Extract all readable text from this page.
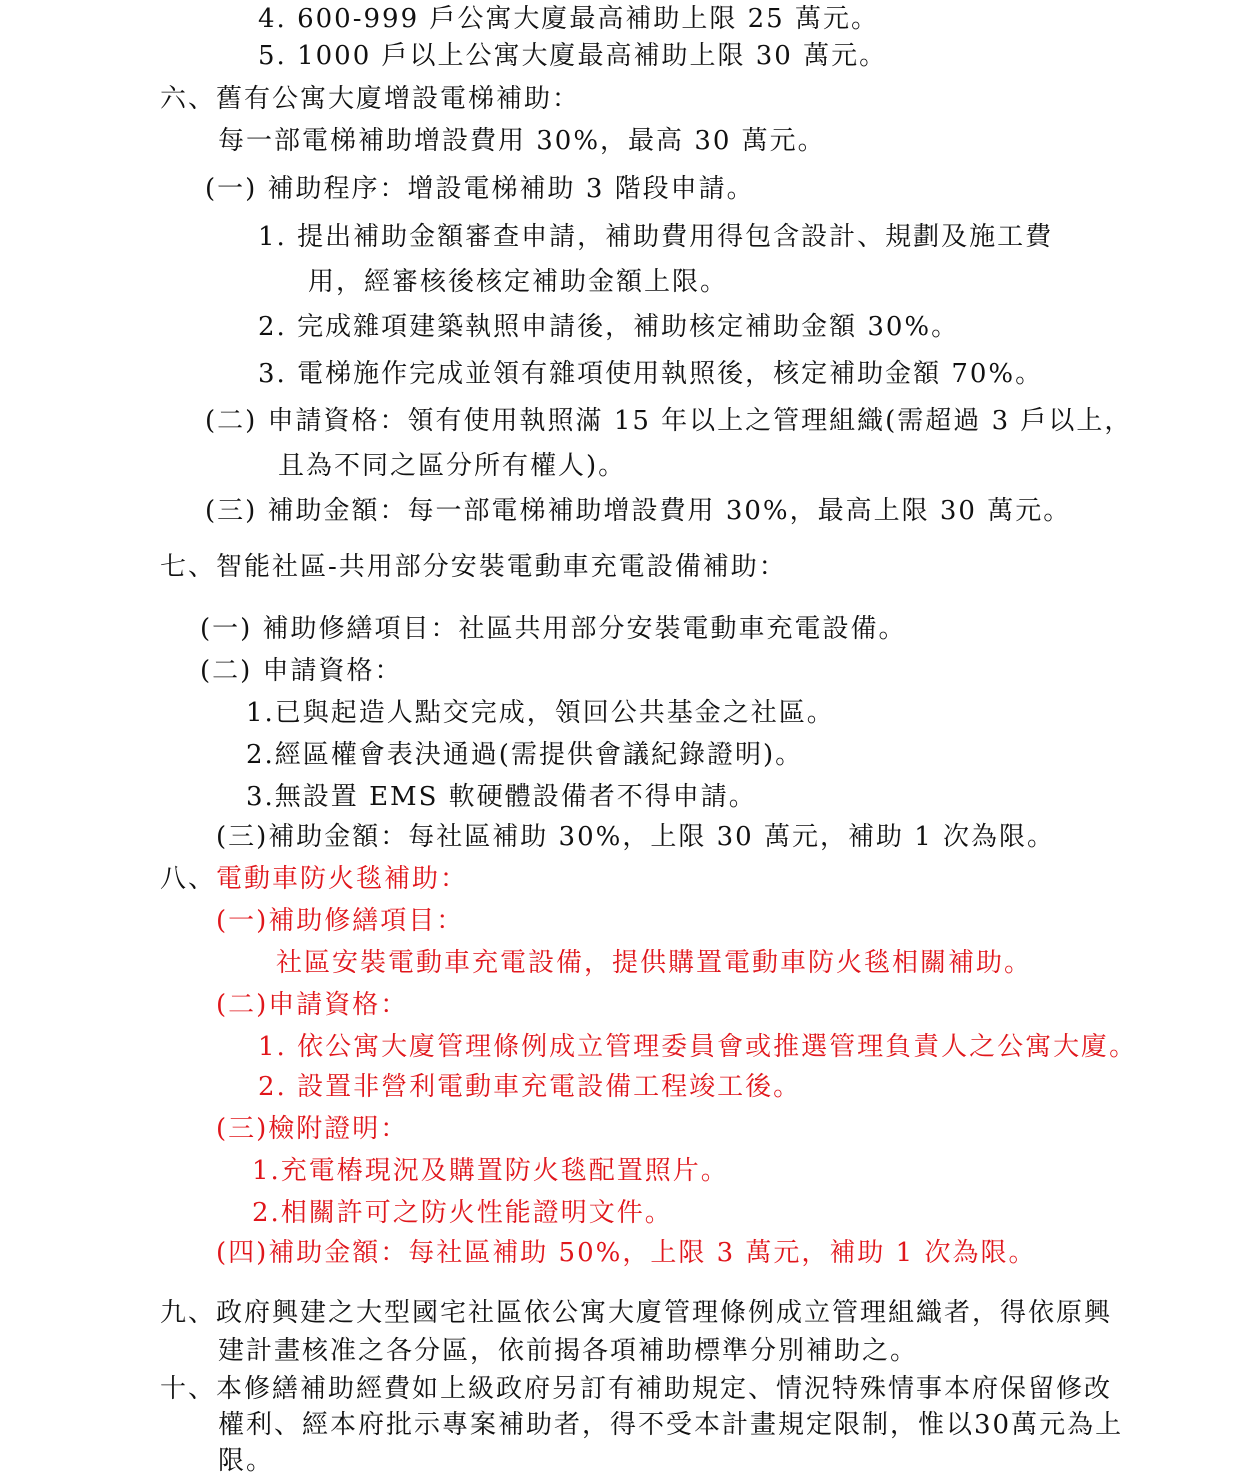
4. 600-999 戶公寓大廈最高補助上限 25 萬元。
5. 1000 戶以上公寓大廈最高補助上限 30 萬元。
六、舊有公寓大廈增設電梯補助：
每一部電梯補助增設費用 30%，最高 30 萬元。
(一) 補助程序：增設電梯補助 3 階段申請。
1. 提出補助金額審查申請，補助費用得包含設計、規劃及施工費
用，經審核後核定補助金額上限。
2. 完成雜項建築執照申請後，補助核定補助金額 30%。
3. 電梯施作完成並領有雜項使用執照後，核定補助金額 70%。
(二) 申請資格：領有使用執照滿 15 年以上之管理組織(需超過 3 戶以上，
且為不同之區分所有權人)。
(三) 補助金額：每一部電梯補助增設費用 30%，最高上限 30 萬元。
七、智能社區-共用部分安裝電動車充電設備補助：
(一) 補助修繕項目：社區共用部分安裝電動車充電設備。
(二) 申請資格：
1.已與起造人點交完成，領回公共基金之社區。
2.經區權會表決通過(需提供會議紀錄證明)。
3.無設置 EMS 軟硬體設備者不得申請。
(三)補助金額：每社區補助 30%，上限 30 萬元，補助 1 次為限。
八、 電動車防火毯補助：
(一)補助修繕項目：
社區安裝電動車充電設備，提供購置電動車防火毯相關補助。
(二)申請資格：
1. 依公寓大廈管理條例成立管理委員會或推選管理負責人之公寓大廈。
2. 設置非營利電動車充電設備工程竣工後。
(三)檢附證明：
1.充電樁現況及購置防火毯配置照片。
2.相關許可之防火性能證明文件。
(四)補助金額：每社區補助 50%，上限 3 萬元，補助 1 次為限。
九、政府興建之大型國宅社區依公寓大廈管理條例成立管理組織者，得依原興
建計畫核准之各分區，依前揭各項補助標準分別補助之。
十、本修繕補助經費如上級政府另訂有補助規定、情況特殊情事本府保留修改
權利、經本府批示專案補助者，得不受本計畫規定限制，惟以30萬元為上
限。
